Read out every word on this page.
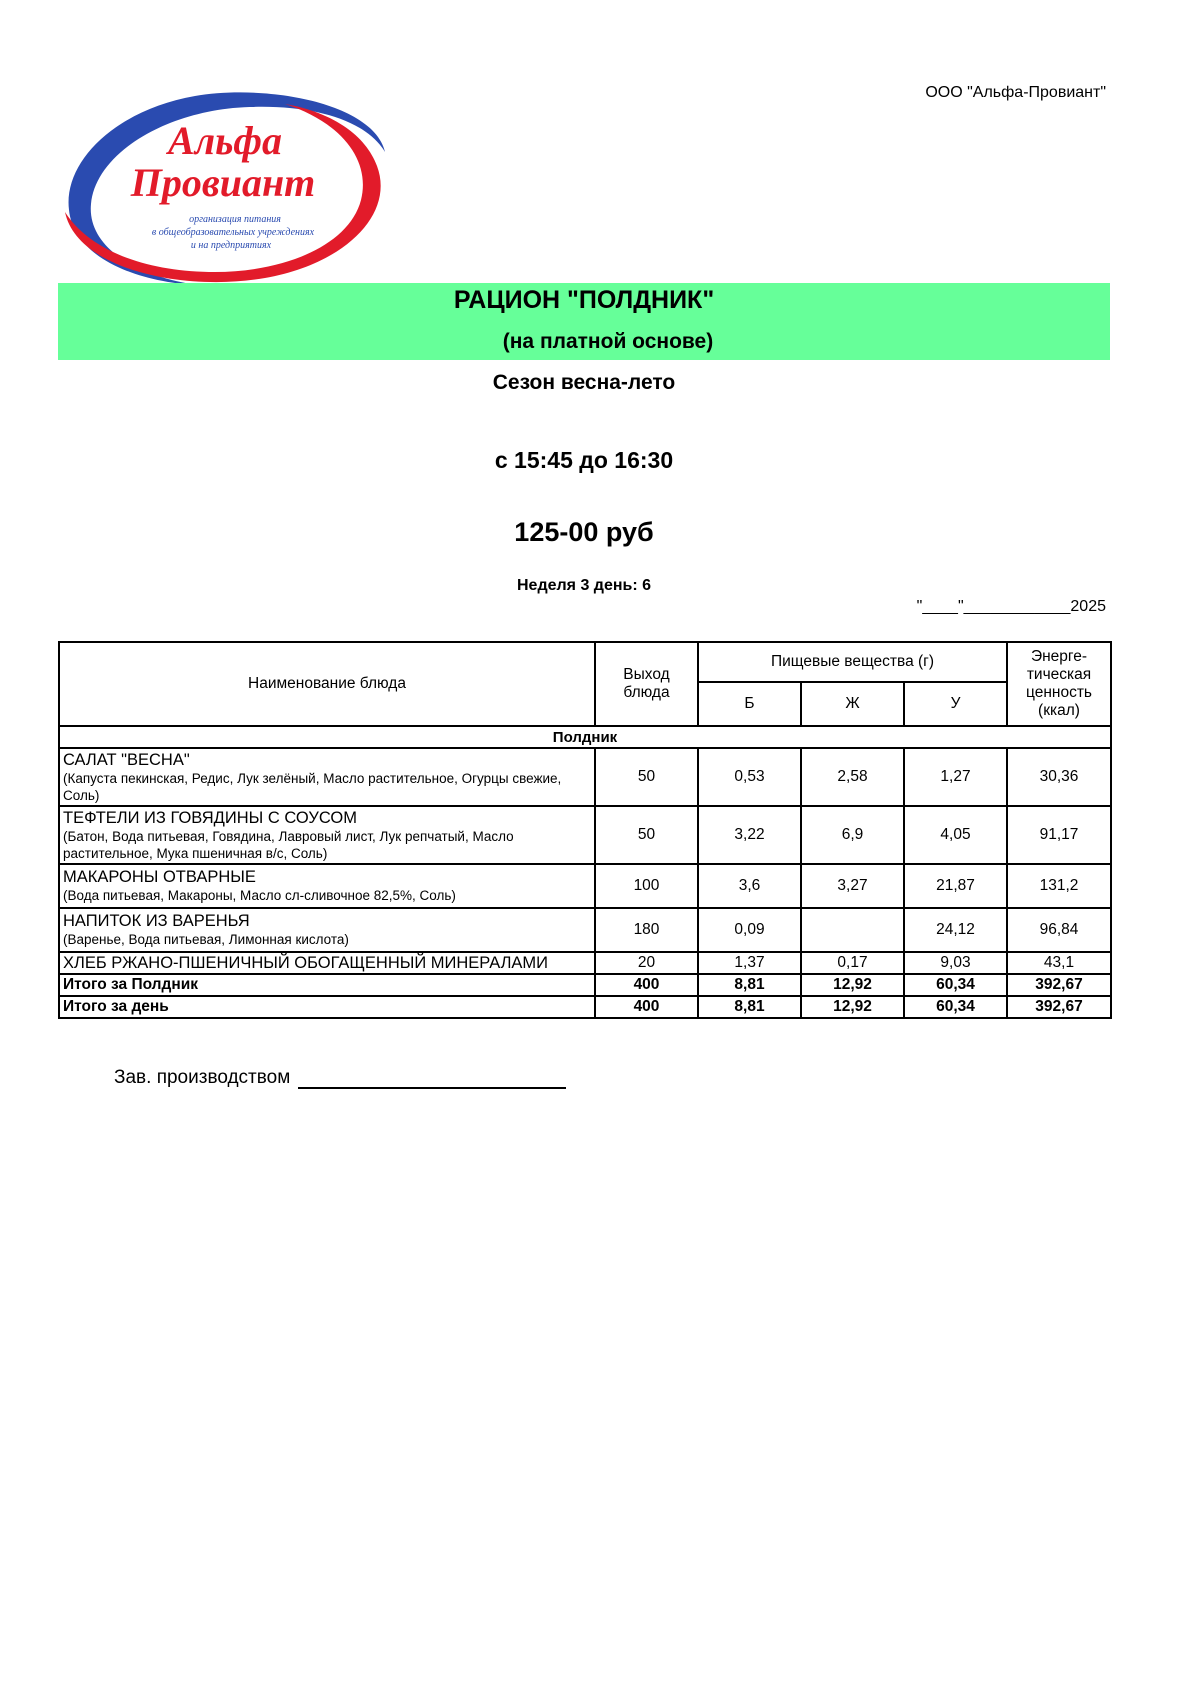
ООО "Альфа-Провиант"
Альфа
Провиант
организация питания
в общеобразовательных учреждениях
и на предприятиях
РАЦИОН "ПОЛДНИК"
(на платной основе)
Сезон весна-лето
с 15:45 до 16:30
125-00 руб
Неделя 3 день: 6
"____"____________2025
Наименование блюда	Выход блюда	Пищевые вещества (г)			Энерге-тическая ценность (ккал)
		Б	Ж	У	
Полдник					

САЛАТ "ВЕСНА"
(Капуста пекинская, Редис, Лук зелёный, Масло растительное, Огурцы свежие, Соль)	50	0,53	2,58	1,27	30,36

ТЕФТЕЛИ ИЗ ГОВЯДИНЫ С СОУСОМ
(Батон, Вода питьевая, Говядина, Лавровый лист, Лук репчатый, Масло растительное, Мука пшеничная в/с, Соль)	50	3,22	6,9	4,05	91,17

МАКАРОНЫ ОТВАРНЫЕ
(Вода питьевая, Макароны, Масло сл-сливочное 82,5%, Соль)	100	3,6	3,27	21,87	131,2

НАПИТОК ИЗ ВАРЕНЬЯ
(Варенье, Вода питьевая, Лимонная кислота)	180	0,09		24,12	96,84

ХЛЕБ РЖАНО-ПШЕНИЧНЫЙ ОБОГАЩЕННЫЙ МИНЕРАЛАМИ	20	1,37	0,17	9,03	43,1
Итого за Полдник	400	8,81	12,92	60,34	392,67
Итого за день	400	8,81	12,92	60,34	392,67
Зав. производством
